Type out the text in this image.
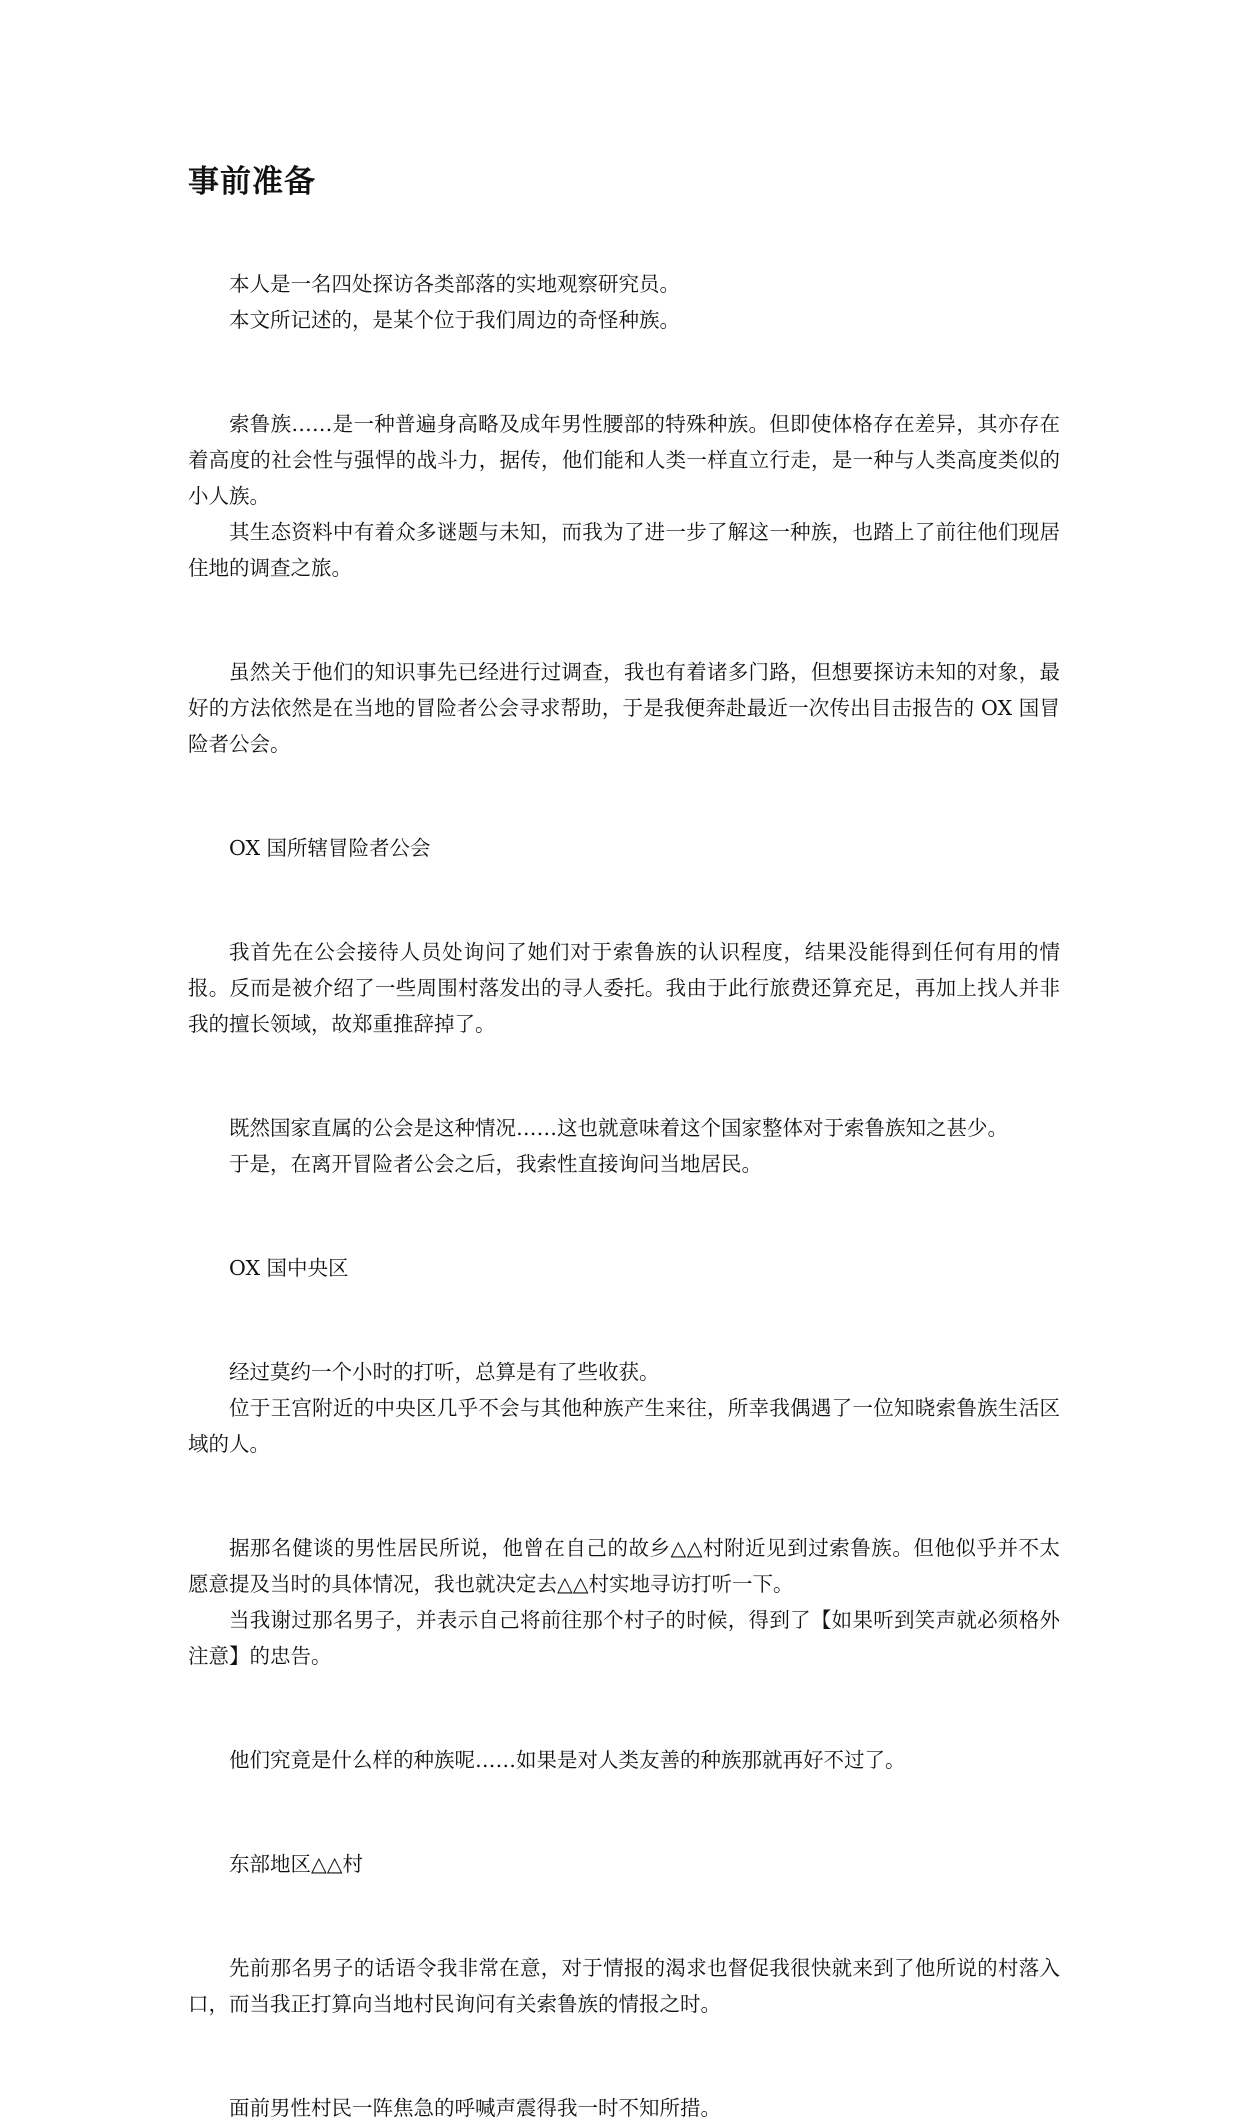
事前准备

本人是一名四处探访各类部落的实地观察研究员。

本文所记述的，是某个位于我们周边的奇怪种族。

索鲁族……是一种普遍身高略及成年男性腰部的特殊种族。但即使体格存在差异，其亦存在着高度的社会性与强悍的战斗力，据传，他们能和人类一样直立行走，是一种与人类高度类似的小人族。

其生态资料中有着众多谜题与未知，而我为了进一步了解这一种族，也踏上了前往他们现居住地的调查之旅。

虽然关于他们的知识事先已经进行过调查，我也有着诸多门路，但想要探访未知的对象，最好的方法依然是在当地的冒险者公会寻求帮助，于是我便奔赴最近一次传出目击报告的 OX 国冒险者公会。

OX 国所辖冒险者公会

我首先在公会接待人员处询问了她们对于索鲁族的认识程度，结果没能得到任何有用的情报。反而是被介绍了一些周围村落发出的寻人委托。我由于此行旅费还算充足，再加上找人并非我的擅长领域，故郑重推辞掉了。

既然国家直属的公会是这种情况……这也就意味着这个国家整体对于索鲁族知之甚少。

于是，在离开冒险者公会之后，我索性直接询问当地居民。

OX 国中央区

经过莫约一个小时的打听，总算是有了些收获。

位于王宫附近的中央区几乎不会与其他种族产生来往，所幸我偶遇了一位知晓索鲁族生活区域的人。

据那名健谈的男性居民所说，他曾在自己的故乡△△村附近见到过索鲁族。但他似乎并不太愿意提及当时的具体情况，我也就决定去△△村实地寻访打听一下。

当我谢过那名男子，并表示自己将前往那个村子的时候，得到了【如果听到笑声就必须格外注意】的忠告。

他们究竟是什么样的种族呢……如果是对人类友善的种族那就再好不过了。

东部地区△△村

先前那名男子的话语令我非常在意，对于情报的渴求也督促我很快就来到了他所说的村落入口，而当我正打算向当地村民询问有关索鲁族的情报之时。

面前男性村民一阵焦急的呼喊声震得我一时不知所措。
